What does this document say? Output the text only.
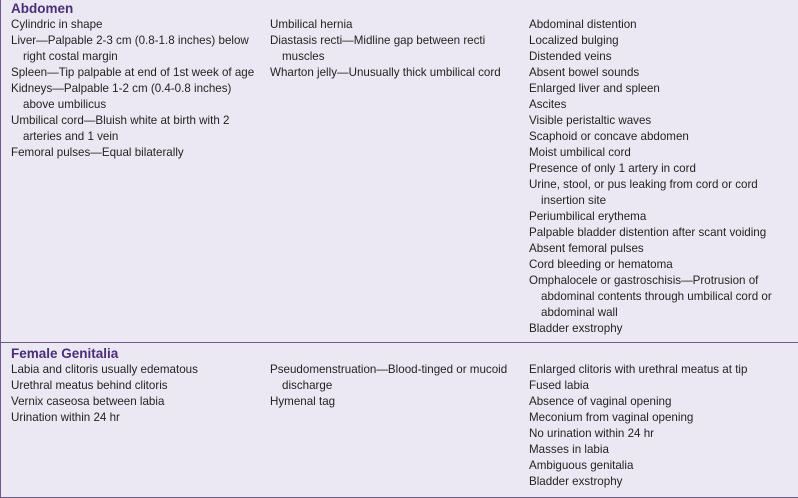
Abdomen
Cylindric in shape
Liver—Palpable 2-3 cm (0.8-1.8 inches) below right costal margin
Spleen—Tip palpable at end of 1st week of age
Kidneys—Palpable 1-2 cm (0.4-0.8 inches) above umbilicus
Umbilical cord—Bluish white at birth with 2 arteries and 1 vein
Femoral pulses—Equal bilaterally
Umbilical hernia
Diastasis recti—Midline gap between recti muscles
Wharton jelly—Unusually thick umbilical cord
Abdominal distention
Localized bulging
Distended veins
Absent bowel sounds
Enlarged liver and spleen
Ascites
Visible peristaltic waves
Scaphoid or concave abdomen
Moist umbilical cord
Presence of only 1 artery in cord
Urine, stool, or pus leaking from cord or cord insertion site
Periumbilical erythema
Palpable bladder distention after scant voiding
Absent femoral pulses
Cord bleeding or hematoma
Omphalocele or gastroschisis—Protrusion of abdominal contents through umbilical cord or abdominal wall
Bladder exstrophy
Female Genitalia
Labia and clitoris usually edematous
Urethral meatus behind clitoris
Vernix caseosa between labia
Urination within 24 hr
Pseudomenstruation—Blood-tinged or mucoid discharge
Hymenal tag
Enlarged clitoris with urethral meatus at tip
Fused labia
Absence of vaginal opening
Meconium from vaginal opening
No urination within 24 hr
Masses in labia
Ambiguous genitalia
Bladder exstrophy
